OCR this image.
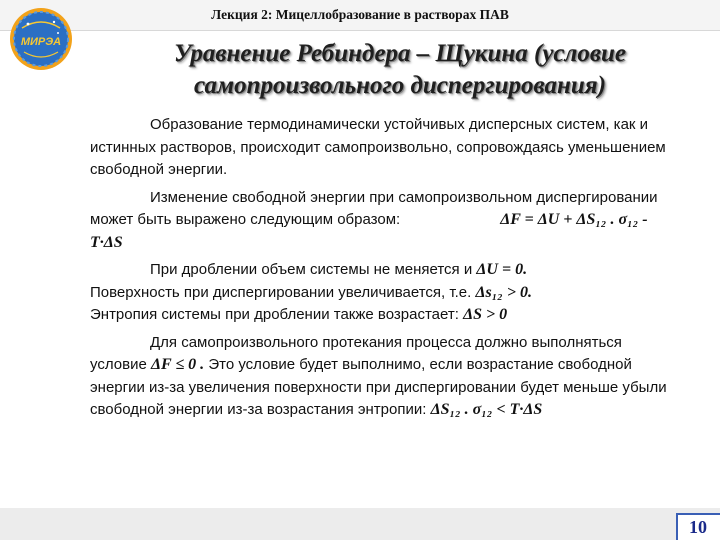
Лекция 2: Мицеллобразование в растворах ПАВ
МИРЭА	Уравнение Ребиндера – Щукина (условие
самопроизвольного диспергирования)

Образование термодинамически устойчивых дисперсных систем, как и истинных растворов, происходит самопроизвольно, сопровождаясь уменьшением свободной энергии.

Изменение свободной энергии при самопроизвольном диспергировании может быть выражено следующим образом:	ΔF = ΔU + ΔS₁₂ . σ₁₂ - T·ΔS

При дроблении объем системы не меняется и ΔU = 0.
Поверхность при диспергировании увеличивается, т.е. Δs₁₂ > 0.
Энтропия системы при дроблении также возрастает: ΔS > 0

Для самопроизвольного протекания процесса должно выполняться условие ΔF ≤ 0 . Это условие будет выполнимо, если возрастание свободной энергии из-за увеличения поверхности при диспергировании будет меньше убыли свободной энергии из-за возрастания энтропии: ΔS₁₂ . σ₁₂ < T·ΔS

10
